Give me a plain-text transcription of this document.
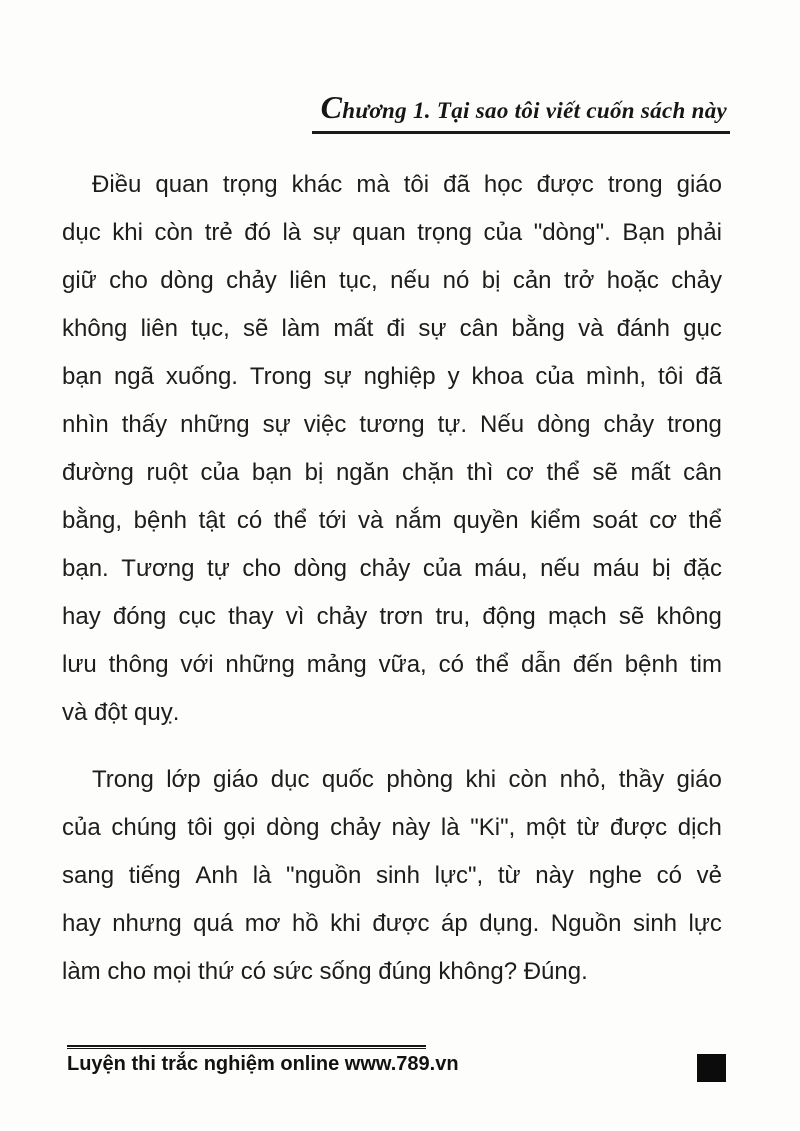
Chương 1. Tại sao tôi viết cuốn sách này
Điều quan trọng khác mà tôi đã học được trong giáo
dục khi còn trẻ đó là sự quan trọng của "dòng". Bạn phải
giữ cho dòng chảy liên tục, nếu nó bị cản trở hoặc chảy
không liên tục, sẽ làm mất đi sự cân bằng và đánh gục
bạn ngã xuống. Trong sự nghiệp y khoa của mình, tôi đã
nhìn thấy những sự việc tương tự. Nếu dòng chảy trong
đường ruột của bạn bị ngăn chặn thì cơ thể sẽ mất cân
bằng, bệnh tật có thể tới và nắm quyền kiểm soát cơ thể
bạn. Tương tự cho dòng chảy của máu, nếu máu bị đặc
hay đóng cục thay vì chảy trơn tru, động mạch sẽ không
lưu thông với những mảng vữa, có thể dẫn đến bệnh tim
và đột quỵ.
Trong lớp giáo dục quốc phòng khi còn nhỏ, thầy giáo
của chúng tôi gọi dòng chảy này là "Ki", một từ được dịch
sang tiếng Anh là "nguồn sinh lực", từ này nghe có vẻ
hay nhưng quá mơ hồ khi được áp dụng. Nguồn sinh lực
làm cho mọi thứ có sức sống đúng không? Đúng.
Luyện thi trắc nghiệm online www.789.vn
